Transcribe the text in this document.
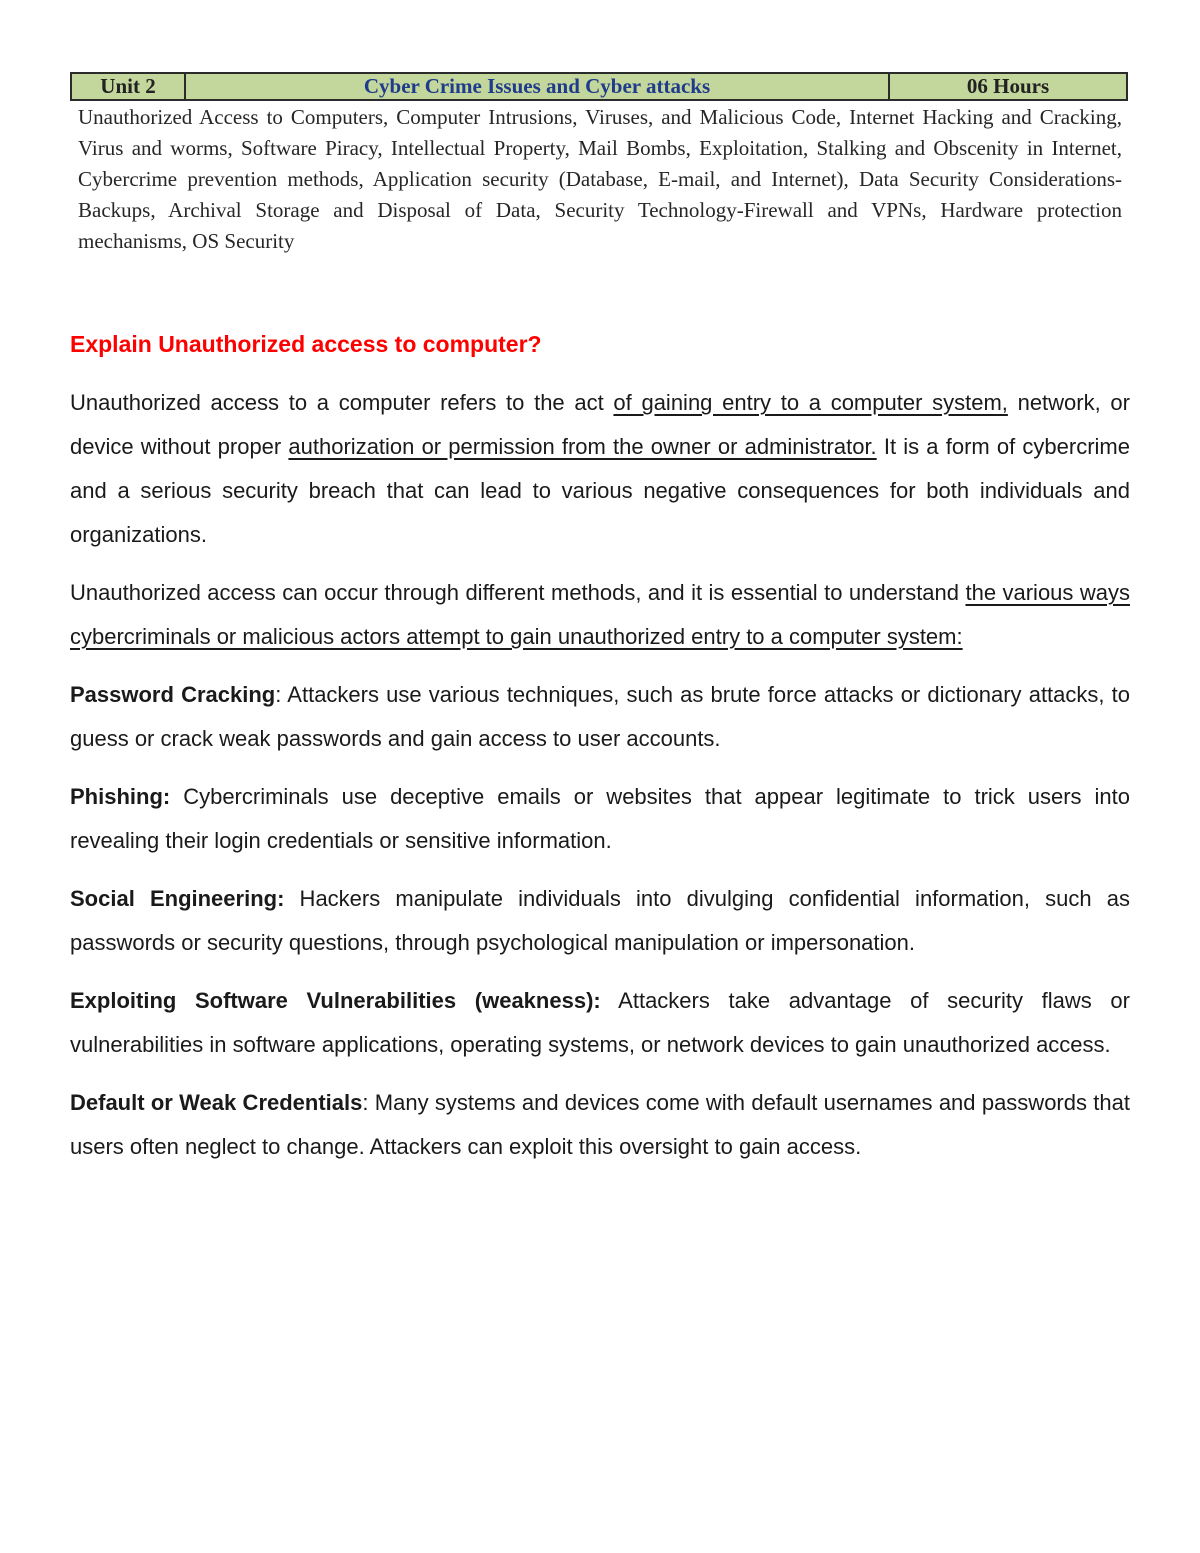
Unit 2	Cyber Crime Issues and Cyber attacks	06 Hours

Unauthorized Access to Computers, Computer Intrusions, Viruses, and Malicious Code, Internet Hacking and Cracking, Virus and worms, Software Piracy, Intellectual Property, Mail Bombs, Exploitation, Stalking and Obscenity in Internet, Cybercrime prevention methods, Application security (Database, E-mail, and Internet), Data Security Considerations-Backups, Archival Storage and Disposal of Data, Security Technology-Firewall and VPNs, Hardware protection mechanisms, OS Security

Explain Unauthorized access to computer?

Unauthorized access to a computer refers to the act of gaining entry to a computer system, network, or device without proper authorization or permission from the owner or administrator. It is a form of cybercrime and a serious security breach that can lead to various negative consequences for both individuals and organizations.

Unauthorized access can occur through different methods, and it is essential to understand the various ways cybercriminals or malicious actors attempt to gain unauthorized entry to a computer system:

Password Cracking: Attackers use various techniques, such as brute force attacks or dictionary attacks, to guess or crack weak passwords and gain access to user accounts.

Phishing: Cybercriminals use deceptive emails or websites that appear legitimate to trick users into revealing their login credentials or sensitive information.

Social Engineering: Hackers manipulate individuals into divulging confidential information, such as passwords or security questions, through psychological manipulation or impersonation.

Exploiting Software Vulnerabilities (weakness): Attackers take advantage of security flaws or vulnerabilities in software applications, operating systems, or network devices to gain unauthorized access.

Default or Weak Credentials: Many systems and devices come with default usernames and passwords that users often neglect to change. Attackers can exploit this oversight to gain access.
